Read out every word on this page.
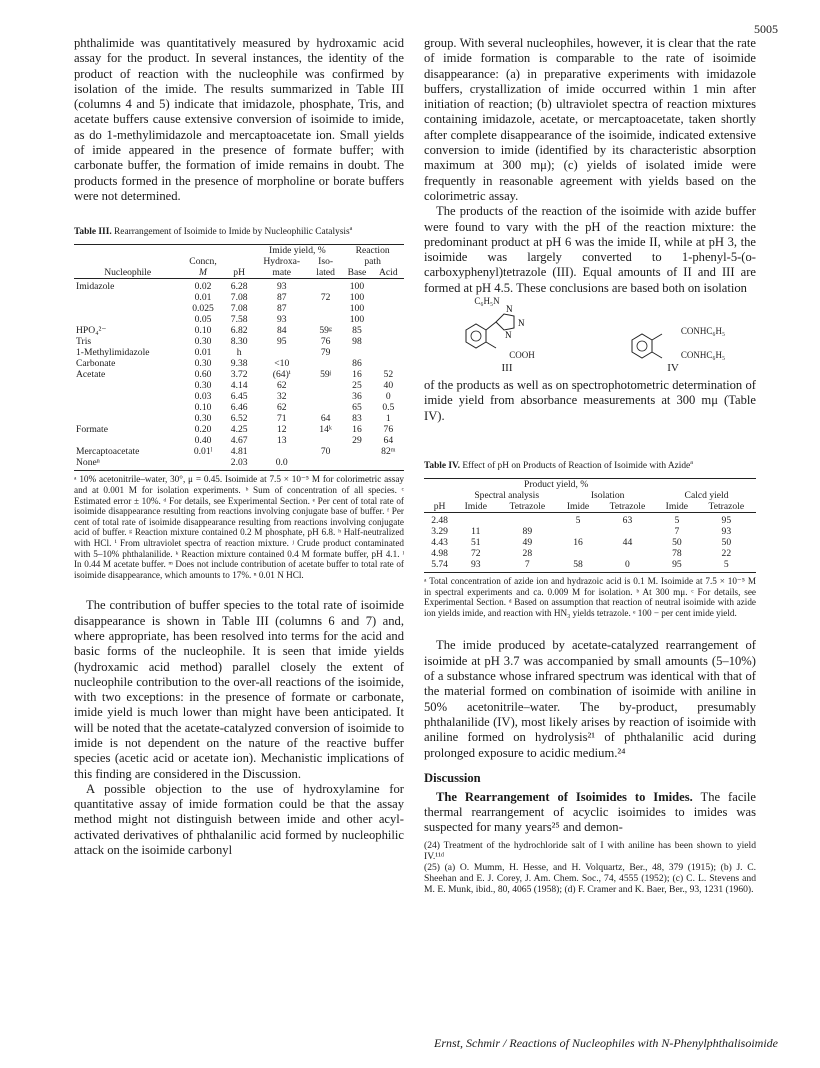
5005

phthalimide was quantitatively measured by hydroxamic acid assay for the product. In several instances, the identity of the product of reaction with the nucleophile was confirmed by isolation of the imide. The results summarized in Table III (columns 4 and 5) indicate that imidazole, phosphate, Tris, and acetate buffers cause extensive conversion of isoimide to imide, as do 1-methylimidazole and mercaptoacetate ion. Small yields of imide appeared in the presence of formate buffer; with carbonate buffer, the formation of imide remains in doubt. The products formed in the presence of morpholine or borate buffers were not determined.

Table III. Rearrangement of Isoimide to Imide by Nucleophilic Catalysis$^a$
			Imide yield, %		Reaction	
	Concn,		Hydroxa-	Iso-	path	
Nucleophile	M	pH	mate	lated	Base	Acid
Imidazole	0.02	6.28	93		100	
	0.01	7.08	87	72	100	
	0.025	7.08	87		100	
	0.05	7.58	93		100	
HPO₄²⁻	0.10	6.82	84	59ᵍ	85	
Tris	0.30	8.30	95	76	98	
1-Methylimidazole	0.01	h		79		
Carbonate	0.30	9.38	<10		86	
Acetate	0.60	3.72	(64)ⁱ	59ʲ	16	52
	0.30	4.14	62		25	40
	0.03	6.45	32		36	0
	0.10	6.46	62		65	0.5
	0.30	6.52	71	64	83	1
Formate	0.20	4.25	12	14ᵏ	16	76
	0.40	4.67	13		29	64
Mercaptoacetate	0.01ˡ	4.81		70		82ᵐ
Noneⁿ		2.03	0.0			
ᵃ 10% acetonitrile–water, 30°, μ = 0.45. Isoimide at 7.5 × 10⁻⁵ M for colorimetric assay and at 0.001 M for isolation experiments. ᵇ Sum of concentration of all species. ᶜ Estimated error ± 10%. ᵈ For details, see Experimental Section. ᵉ Per cent of total rate of isoimide disappearance resulting from reactions involving conjugate base of buffer. ᶠ Per cent of total rate of isoimide disappearance resulting from reactions involving conjugate acid of buffer. ᵍ Reaction mixture contained 0.2 M phosphate, pH 6.8. ʰ Half-neutralized with HCl. ⁱ From ultraviolet spectra of reaction mixture. ʲ Crude product contaminated with 5–10% phthalanilide. ᵏ Reaction mixture contained 0.4 M formate buffer, pH 4.1. ˡ In 0.44 M acetate buffer. ᵐ Does not include contribution of acetate buffer to total rate of isoimide disappearance, which amounts to 17%. ⁿ 0.01 N HCl.

The contribution of buffer species to the total rate of isoimide disappearance is shown in Table III (columns 6 and 7) and, where appropriate, has been resolved into terms for the acid and basic forms of the nucleophile. It is seen that imide yields (hydroxamic acid method) parallel closely the extent of nucleophile contribution to the over-all reactions of the isoimide, with two exceptions: in the presence of formate or carbonate, imide yield is much lower than might have been anticipated. It will be noted that the acetate-catalyzed conversion of isoimide to imide is not dependent on the nature of the reactive buffer species (acetic acid or acetate ion). Mechanistic implications of this finding are considered in the Discussion.

A possible objection to the use of hydroxylamine for quantitative assay of imide formation could be that the assay method might not distinguish between imide and other acyl-activated derivatives of phthalanilic acid formed by nucleophilic attack on the isoimide carbonyl

group. With several nucleophiles, however, it is clear that the rate of imide formation is comparable to the rate of isoimide disappearance: (a) in preparative experiments with imidazole buffers, crystallization of imide occurred within 1 min after initiation of reaction; (b) ultraviolet spectra of reaction mixtures containing imidazole, acetate, or mercaptoacetate, taken shortly after complete disappearance of the isoimide, indicated extensive conversion to imide (identified by its characteristic absorption maximum at 300 mμ); (c) yields of isolated imide were frequently in reasonable agreement with yields based on the colorimetric assay.

The products of the reaction of the isoimide with azide buffer were found to vary with the pH of the reaction mixture: the predominant product at pH 6 was the imide II, while at pH 3, the isoimide was largely converted to 1-phenyl-5-(o-carboxyphenyl)tetrazole (III). Equal amounts of II and III are formed at pH 4.5. These conclusions are based both on isolation

N
N
N
C₆H₅N
COOH
III
CONHC₆H₅
CONHC₆H₅
IV

of the products as well as on spectrophotometric determination of imide yield from absorbance measurements at 300 mμ (Table IV).

Table IV. Effect of pH on Products of Reaction of Isoimide with Azide$^a$
	Product yield, %					
	Spectral analysis		Isolation		Calcd yield	
pH	Imide	Tetrazole	Imide	Tetrazole	Imide	Tetrazole
2.48			5	63	5	95
3.29	11	89			7	93
4.43	51	49	16	44	50	50
4.98	72	28			78	22
5.74	93	7	58	0	95	5
ᵃ Total concentration of azide ion and hydrazoic acid is 0.1 M. Isoimide at 7.5 × 10⁻⁵ M in spectral experiments and ca. 0.009 M for isolation. ᵇ At 300 mμ. ᶜ For details, see Experimental Section. ᵈ Based on assumption that reaction of neutral isoimide with azide ion yields imide, and reaction with HN₃ yields tetrazole. ᵉ 100 − per cent imide yield.

The imide produced by acetate-catalyzed rearrangement of isoimide at pH 3.7 was accompanied by small amounts (5–10%) of a substance whose infrared spectrum was identical with that of the material formed on combination of isoimide with aniline in 50% acetonitrile–water. The by-product, presumably phthalanilide (IV), most likely arises by reaction of isoimide with aniline formed on hydrolysis²¹ of phthalanilic acid during prolonged exposure to acidic medium.²⁴

Discussion

The Rearrangement of Isoimides to Imides. The facile thermal rearrangement of acyclic isoimides to imides was suspected for many years²⁵ and demon-

(24) Treatment of the hydrochloride salt of I with aniline has been shown to yield IV.¹¹ᵈ
(25) (a) O. Mumm, H. Hesse, and H. Volquartz, Ber., 48, 379 (1915); (b) J. C. Sheehan and E. J. Corey, J. Am. Chem. Soc., 74, 4555 (1952); (c) C. L. Stevens and M. E. Munk, ibid., 80, 4065 (1958); (d) F. Cramer and K. Baer, Ber., 93, 1231 (1960).
Ernst, Schmir / Reactions of Nucleophiles with N-Phenylphthalisoimide
